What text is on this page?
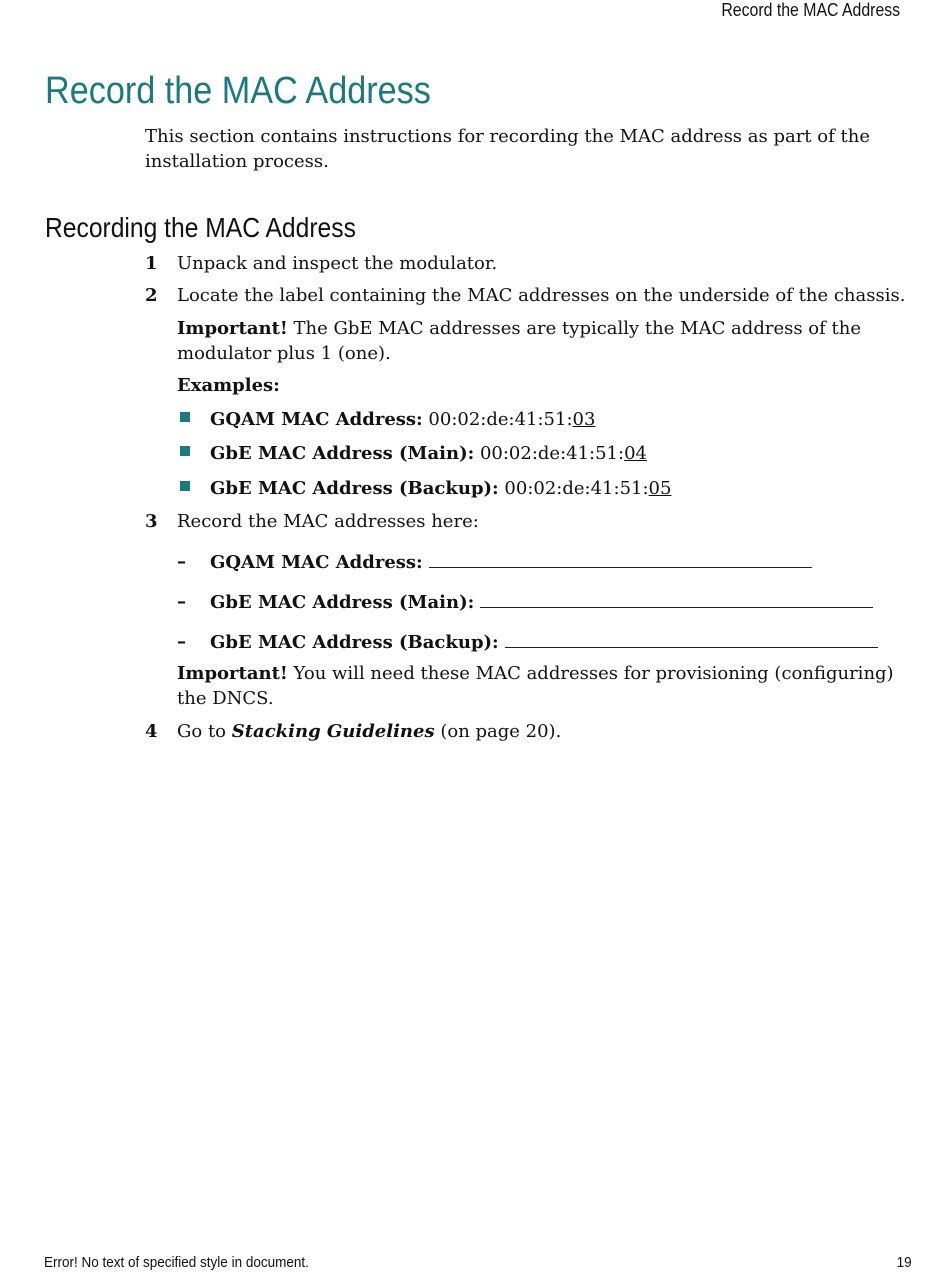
Record the MAC Address
Record the MAC Address

This section contains instructions for recording the MAC address as part of the installation process.

Recording the MAC Address
1 Unpack and inspect the modulator.
2 Locate the label containing the MAC addresses on the underside of the chassis.
Important! The GbE MAC addresses are typically the MAC address of the modulator plus 1 (one).
Examples:
GQAM MAC Address: 00:02:de:41:51:03
GbE MAC Address (Main): 00:02:de:41:51:04
GbE MAC Address (Backup): 00:02:de:41:51:05
3 Record the MAC addresses here:
– GQAM MAC Address:
– GbE MAC Address (Main):
– GbE MAC Address (Backup):
Important! You will need these MAC addresses for provisioning (configuring) the DNCS.
4 Go to Stacking Guidelines (on page 20).
Error! No text of specified style in document.	19
